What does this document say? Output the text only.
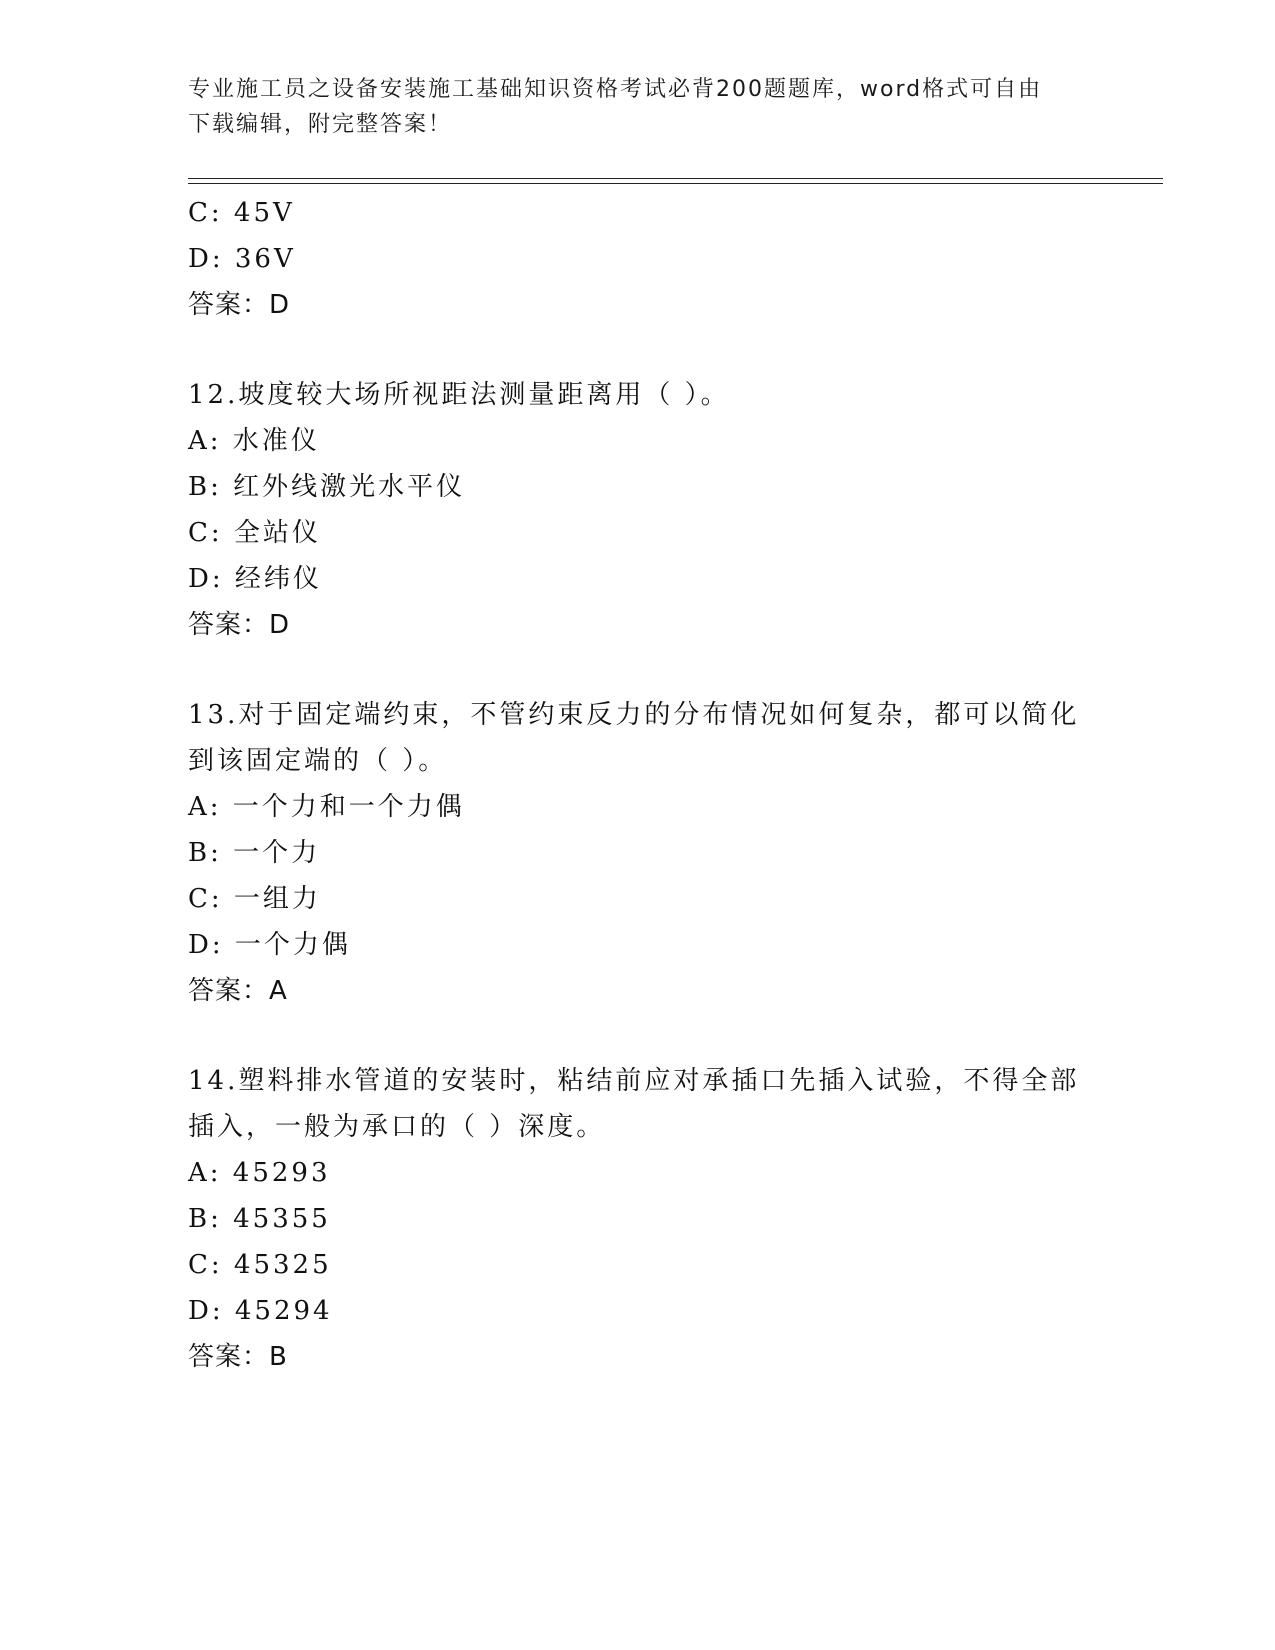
专业施工员之设备安装施工基础知识资格考试必背200题题库，word格式可自由
下载编辑，附完整答案！
C: 45V
D: 36V
答案：D
12.坡度较大场所视距法测量距离用（ ）。
A: 水准仪
B: 红外线激光水平仪
C: 全站仪
D: 经纬仪
答案：D
13.对于固定端约束，不管约束反力的分布情况如何复杂，都可以简化
到该固定端的（ ）。
A: 一个力和一个力偶
B: 一个力
C: 一组力
D: 一个力偶
答案：A
14.塑料排水管道的安装时，粘结前应对承插口先插入试验，不得全部
插入，一般为承口的（ ）深度。
A: 45293
B: 45355
C: 45325
D: 45294
答案：B
